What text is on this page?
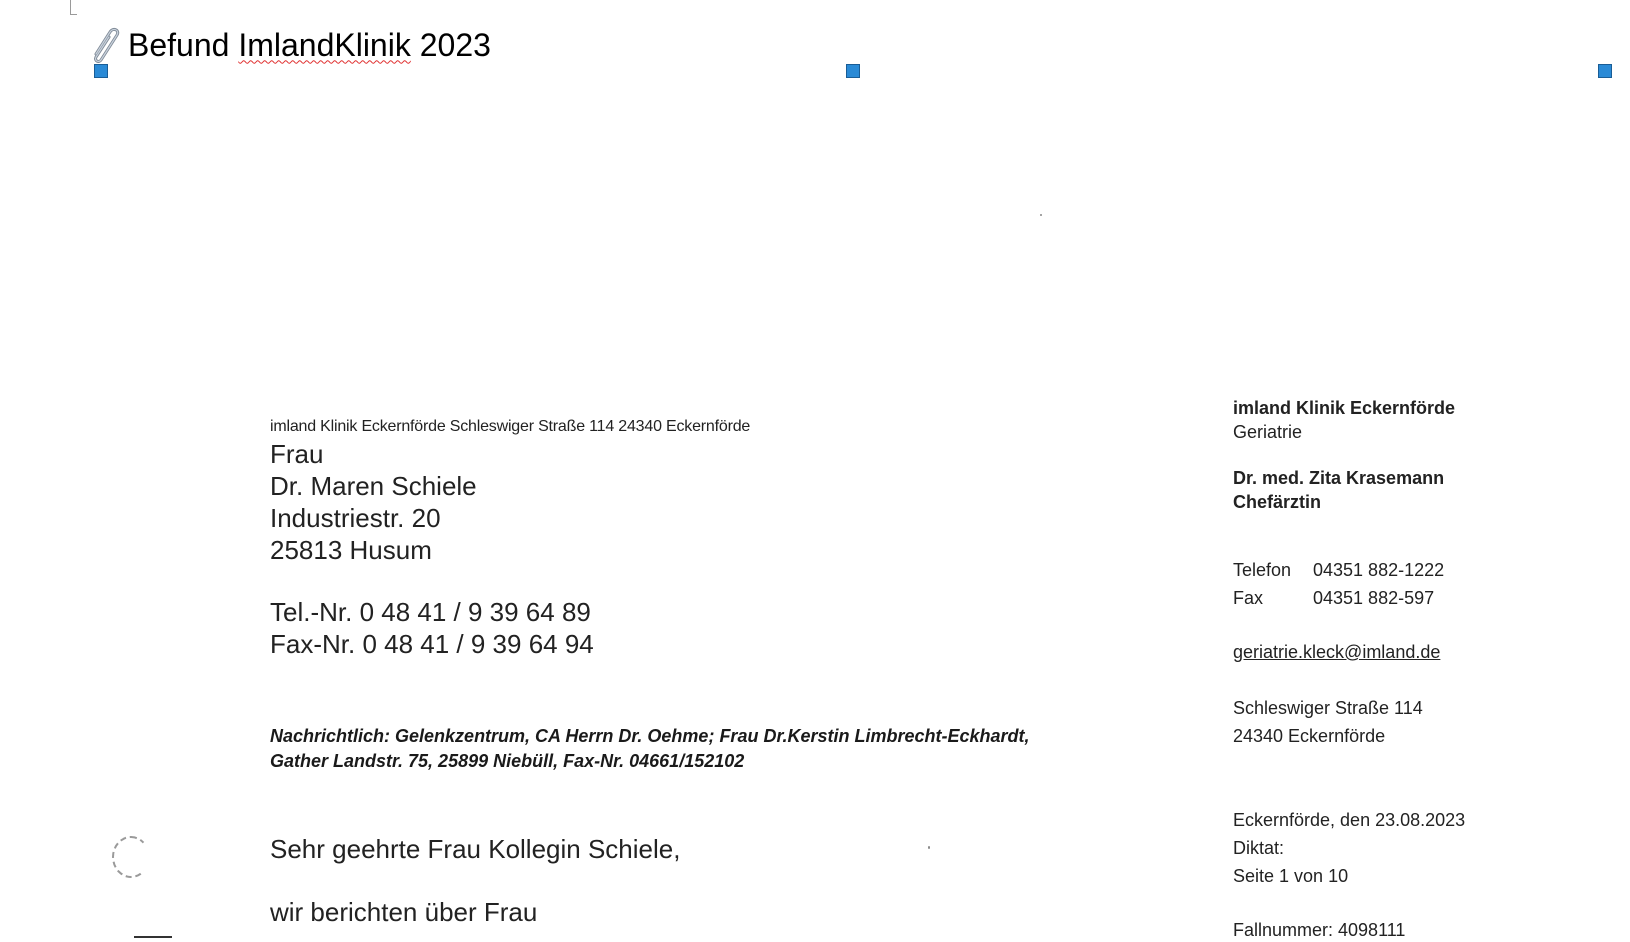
Befund ImlandKlinik 2023
imland Klinik Eckernförde Schleswiger Straße 114 24340 Eckernförde
Frau
Dr. Maren Schiele
Industriestr. 20
25813 Husum
Tel.-Nr. 0 48 41 / 9 39 64 89
Fax-Nr. 0 48 41 / 9 39 64 94
Nachrichtlich: Gelenkzentrum, CA Herrn Dr. Oehme; Frau Dr.Kerstin Limbrecht-Eckhardt,
Gather Landstr. 75, 25899 Niebüll, Fax-Nr. 04661/152102
Sehr geehrte Frau Kollegin Schiele,
wir berichten über Frau
imland Klinik Eckernförde
Geriatrie
Dr. med. Zita Krasemann
Chefärztin
Telefon 04351 882-1222
Fax	04351 882-597
geriatrie.kleck@imland.de
Schleswiger Straße 114
24340 Eckernförde
Eckernförde, den 23.08.2023
Diktat:
Seite 1 von 10
Fallnummer: 4098111
